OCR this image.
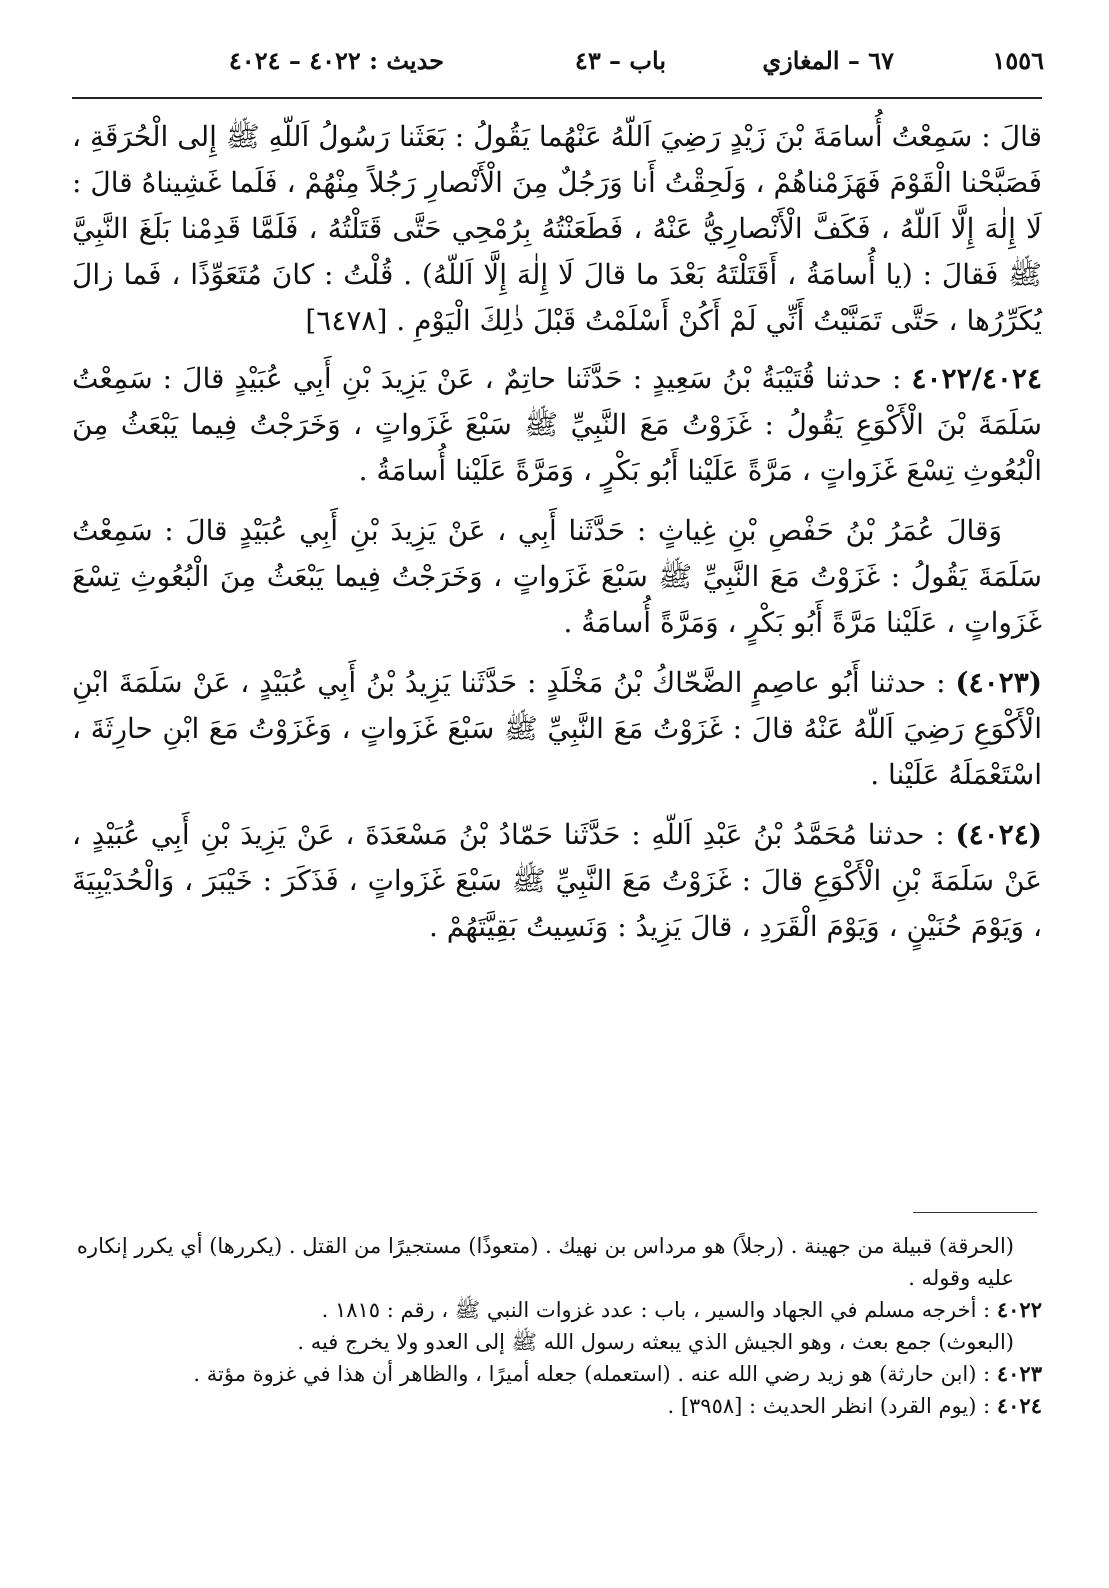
١٥٥٦
٦٧ – المغازي
باب – ٤٣
حديث : ٤٠٢٢ – ٤٠٢٤

قالَ : سَمِعْتُ أُسامَةَ بْنَ زَيْدٍ رَضِيَ اَللّهُ عَنْهُما يَقُولُ : بَعَثَنا رَسُولُ اَللّهِ ﷺ إِلى الْحُرَقَةِ ، فَصَبَّحْنا الْقَوْمَ فَهَزَمْناهُمْ ، وَلَحِقْتُ أَنا وَرَجُلٌ مِنَ الْأَنْصارِ رَجُلاً مِنْهُمْ ، فَلَما غَشِيناهُ قالَ : لَا إِلٰهَ إِلَّا اَللّهُ ، فَكَفَّ الْأَنْصارِيُّ عَنْهُ ، فَطَعَنْتُهُ بِرُمْحِي حَتَّى قَتَلْتُهُ ، فَلَمَّا قَدِمْنا بَلَغَ النَّبِيَّ ﷺ فَقالَ : (يا أُسامَةُ ، أَقَتَلْتَهُ بَعْدَ ما قالَ لَا إِلٰهَ إِلَّا اَللّهُ) . قُلْتُ : كانَ مُتَعَوِّذًا ، فَما زالَ يُكَرِّرُها ، حَتَّى تَمَنَّيْتُ أَنِّي لَمْ أَكُنْ أَسْلَمْتُ قَبْلَ ذٰلِكَ الْيَوْمِ . [٦٤٧٨]

٤٠٢٢/٤٠٢٤ : حدثنا قُتَيْبَةُ بْنُ سَعِيدٍ : حَدَّثَنا حاتِمٌ ، عَنْ يَزِيدَ بْنِ أَبِي عُبَيْدٍ قالَ : سَمِعْتُ سَلَمَةَ بْنَ الْأَكْوَعِ يَقُولُ : غَزَوْتُ مَعَ النَّبِيِّ ﷺ سَبْعَ غَزَواتٍ ، وَخَرَجْتُ فِيما يَبْعَثُ مِنَ الْبُعُوثِ تِسْعَ غَزَواتٍ ، مَرَّةً عَلَيْنا أَبُو بَكْرٍ ، وَمَرَّةً عَلَيْنا أُسامَةُ .

وَقالَ عُمَرُ بْنُ حَفْصِ بْنِ غِياثٍ : حَدَّثَنا أَبِي ، عَنْ يَزِيدَ بْنِ أَبِي عُبَيْدٍ قالَ : سَمِعْتُ سَلَمَةَ يَقُولُ : غَزَوْتُ مَعَ النَّبِيِّ ﷺ سَبْعَ غَزَواتٍ ، وَخَرَجْتُ فِيما يَبْعَثُ مِنَ الْبُعُوثِ تِسْعَ غَزَواتٍ ، عَلَيْنا مَرَّةً أَبُو بَكْرٍ ، وَمَرَّةً أُسامَةُ .

(٤٠٢٣) : حدثنا أَبُو عاصِمٍ الضَّحّاكُ بْنُ مَخْلَدٍ : حَدَّثَنا يَزِيدُ بْنُ أَبِي عُبَيْدٍ ، عَنْ سَلَمَةَ ابْنِ الْأَكْوَعِ رَضِيَ اَللّهُ عَنْهُ قالَ : غَزَوْتُ مَعَ النَّبِيِّ ﷺ سَبْعَ غَزَواتٍ ، وَغَزَوْتُ مَعَ ابْنِ حارِثَةَ ، اسْتَعْمَلَهُ عَلَيْنا .

(٤٠٢٤) : حدثنا مُحَمَّدُ بْنُ عَبْدِ اَللّهِ : حَدَّثَنا حَمّادُ بْنُ مَسْعَدَةَ ، عَنْ يَزِيدَ بْنِ أَبِي عُبَيْدٍ ، عَنْ سَلَمَةَ بْنِ الْأَكْوَعِ قالَ : غَزَوْتُ مَعَ النَّبِيِّ ﷺ سَبْعَ غَزَواتٍ ، فَذَكَرَ : خَيْبَرَ ، وَالْحُدَيْبِيَةَ ، وَيَوْمَ حُنَيْنٍ ، وَيَوْمَ الْقَرَدِ ، قالَ يَزِيدُ : وَنَسِيتُ بَقِيَّتَهُمْ .

(الحرقة) قبيلة من جهينة . (رجلاً) هو مرداس بن نهيك . (متعوذًا) مستجيرًا من القتل . (يكررها) أي يكرر إنكاره عليه وقوله .

٤٠٢٢ : أخرجه مسلم في الجهاد والسير ، باب : عدد غزوات النبي ﷺ ، رقم : ١٨١٥ .

(البعوث) جمع بعث ، وهو الجيش الذي يبعثه رسول الله ﷺ إلى العدو ولا يخرج فيه .

٤٠٢٣ : (ابن حارثة) هو زيد رضي الله عنه . (استعمله) جعله أميرًا ، والظاهر أن هذا في غزوة مؤتة .

٤٠٢٤ : (يوم القرد) انظر الحديث : [٣٩٥٨] .
